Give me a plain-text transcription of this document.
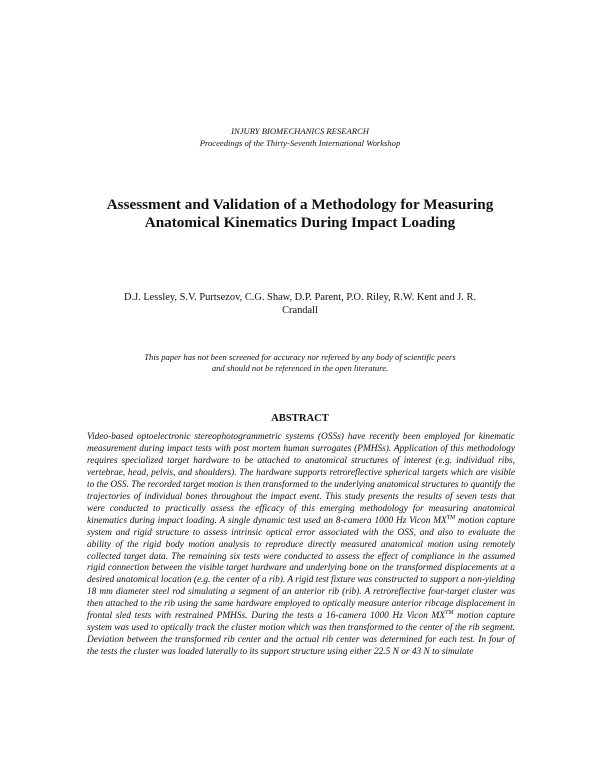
INJURY BIOMECHANICS RESEARCH
Proceedings of the Thirty-Seventh International Workshop
Assessment and Validation of a Methodology for Measuring
Anatomical Kinematics During Impact Loading
D.J. Lessley, S.V. Purtsezov, C.G. Shaw, D.P. Parent, P.O. Riley, R.W. Kent and J. R.
Crandall
This paper has not been screened for accuracy nor refereed by any body of scientific peers
and should not be referenced in the open literature.
ABSTRACT
Video-based optoelectronic stereophotogrammetric systems (OSSs) have recently been employed for kinematic measurement during impact tests with post mortem human surrogates (PMHSs). Application of this methodology requires specialized target hardware to be attached to anatomical structures of interest (e.g. individual ribs, vertebrae, head, pelvis, and shoulders). The hardware supports retroreflective spherical targets which are visible to the OSS. The recorded target motion is then transformed to the underlying anatomical structures to quantify the trajectories of individual bones throughout the impact event. This study presents the results of seven tests that were conducted to practically assess the efficacy of this emerging methodology for measuring anatomical kinematics during impact loading. A single dynamic test used an 8-camera 1000 Hz Vicon MX™ motion capture system and rigid structure to assess intrinsic optical error associated with the OSS, and also to evaluate the ability of the rigid body motion analysis to reproduce directly measured anatomical motion using remotely collected target data. The remaining six tests were conducted to assess the effect of compliance in the assumed rigid connection between the visible target hardware and underlying bone on the transformed displacements at a desired anatomical location (e.g. the center of a rib). A rigid test fixture was constructed to support a non-yielding 18 mm diameter steel rod simulating a segment of an anterior rib (rib). A retroreflective four-target cluster was then attached to the rib using the same hardware employed to optically measure anterior ribcage displacement in frontal sled tests with restrained PMHSs. During the tests a 16-camera 1000 Hz Vicon MX™ motion capture system was used to optically track the cluster motion which was then transformed to the center of the rib segment. Deviation between the transformed rib center and the actual rib center was determined for each test. In four of the tests the cluster was loaded laterally to its support structure using either 22.5 N or 43 N to simulate
